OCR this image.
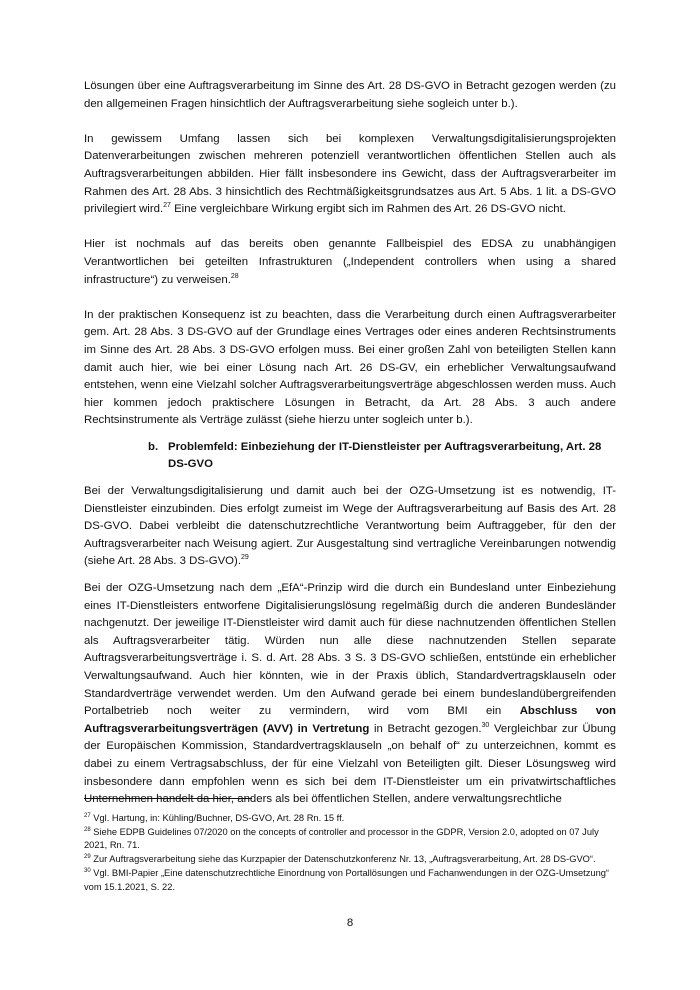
Lösungen über eine Auftragsverarbeitung im Sinne des Art. 28 DS-GVO in Betracht gezogen werden (zu den allgemeinen Fragen hinsichtlich der Auftragsverarbeitung siehe sogleich unter b.).

In gewissem Umfang lassen sich bei komplexen Verwaltungsdigitalisierungsprojekten Datenverarbeitungen zwischen mehreren potenziell verantwortlichen öffentlichen Stellen auch als Auftragsverarbeitungen abbilden. Hier fällt insbesondere ins Gewicht, dass der Auftragsverarbeiter im Rahmen des Art. 28 Abs. 3 hinsichtlich des Rechtmäßigkeitsgrundsatzes aus Art. 5 Abs. 1 lit. a DS-GVO privilegiert wird.$^{27}$ Eine vergleichbare Wirkung ergibt sich im Rahmen des Art. 26 DS-GVO nicht.

Hier ist nochmals auf das bereits oben genannte Fallbeispiel des EDSA zu unabhängigen Verantwortlichen bei geteilten Infrastrukturen („Independent controllers when using a shared infrastructure“) zu verweisen.$^{28}$

In der praktischen Konsequenz ist zu beachten, dass die Verarbeitung durch einen Auftragsverarbeiter gem. Art. 28 Abs. 3 DS-GVO auf der Grundlage eines Vertrages oder eines anderen Rechtsinstruments im Sinne des Art. 28 Abs. 3 DS-GVO erfolgen muss. Bei einer großen Zahl von beteiligten Stellen kann damit auch hier, wie bei einer Lösung nach Art. 26 DS-GV, ein erheblicher Verwaltungsaufwand entstehen, wenn eine Vielzahl solcher Auftragsverarbeitungsverträge abgeschlossen werden muss. Auch hier kommen jedoch praktischere Lösungen in Betracht, da Art. 28 Abs. 3 auch andere Rechtsinstrumente als Verträge zulässt (siehe hierzu unter sogleich unter b.).

b. Problemfeld: Einbeziehung der IT-Dienstleister per Auftragsverarbeitung, Art. 28 DS-GVO

Bei der Verwaltungsdigitalisierung und damit auch bei der OZG-Umsetzung ist es notwendig, IT-Dienstleister einzubinden. Dies erfolgt zumeist im Wege der Auftragsverarbeitung auf Basis des Art. 28 DS-GVO. Dabei verbleibt die datenschutzrechtliche Verantwortung beim Auftraggeber, für den der Auftragsverarbeiter nach Weisung agiert. Zur Ausgestaltung sind vertragliche Vereinbarungen notwendig (siehe Art. 28 Abs. 3 DS-GVO).$^{29}$

Bei der OZG-Umsetzung nach dem „EfA“-Prinzip wird die durch ein Bundesland unter Einbeziehung eines IT-Dienstleisters entworfene Digitalisierungslösung regelmäßig durch die anderen Bundesländer nachgenutzt. Der jeweilige IT-Dienstleister wird damit auch für diese nachnutzenden öffentlichen Stellen als Auftragsverarbeiter tätig. Würden nun alle diese nachnutzenden Stellen separate Auftragsverarbeitungsverträge i. S. d. Art. 28 Abs. 3 S. 3 DS-GVO schließen, entstünde ein erheblicher Verwaltungsaufwand. Auch hier könnten, wie in der Praxis üblich, Standardvertragsklauseln oder Standardverträge verwendet werden. Um den Aufwand gerade bei einem bundeslandübergreifenden Portalbetrieb noch weiter zu vermindern, wird vom BMI ein Abschluss von Auftragsverarbeitungsverträgen (AVV) in Vertretung in Betracht gezogen.$^{30}$ Vergleichbar zur Übung der Europäischen Kommission, Standardvertragsklauseln „on behalf of“ zu unterzeichnen, kommt es dabei zu einem Vertragsabschluss, der für eine Vielzahl von Beteiligten gilt. Dieser Lösungsweg wird insbesondere dann empfohlen wenn es sich bei dem IT-Dienstleister um ein privatwirtschaftliches Unternehmen handelt da hier, anders als bei öffentlichen Stellen, andere verwaltungsrechtliche

$^{27}$ Vgl. Hartung, in: Kühling/Buchner, DS-GVO, Art. 28 Rn. 15 ff.

$^{28}$ Siehe EDPB Guidelines 07/2020 on the concepts of controller and processor in the GDPR, Version 2.0, adopted on 07 July 2021, Rn. 71.

$^{29}$ Zur Auftragsverarbeitung siehe das Kurzpapier der Datenschutzkonferenz Nr. 13, „Auftragsverarbeitung, Art. 28 DS-GVO“.

$^{30}$ Vgl. BMI-Papier „Eine datenschutzrechtliche Einordnung von Portallösungen und Fachanwendungen in der OZG-Umsetzung“ vom 15.1.2021, S. 22.

8
